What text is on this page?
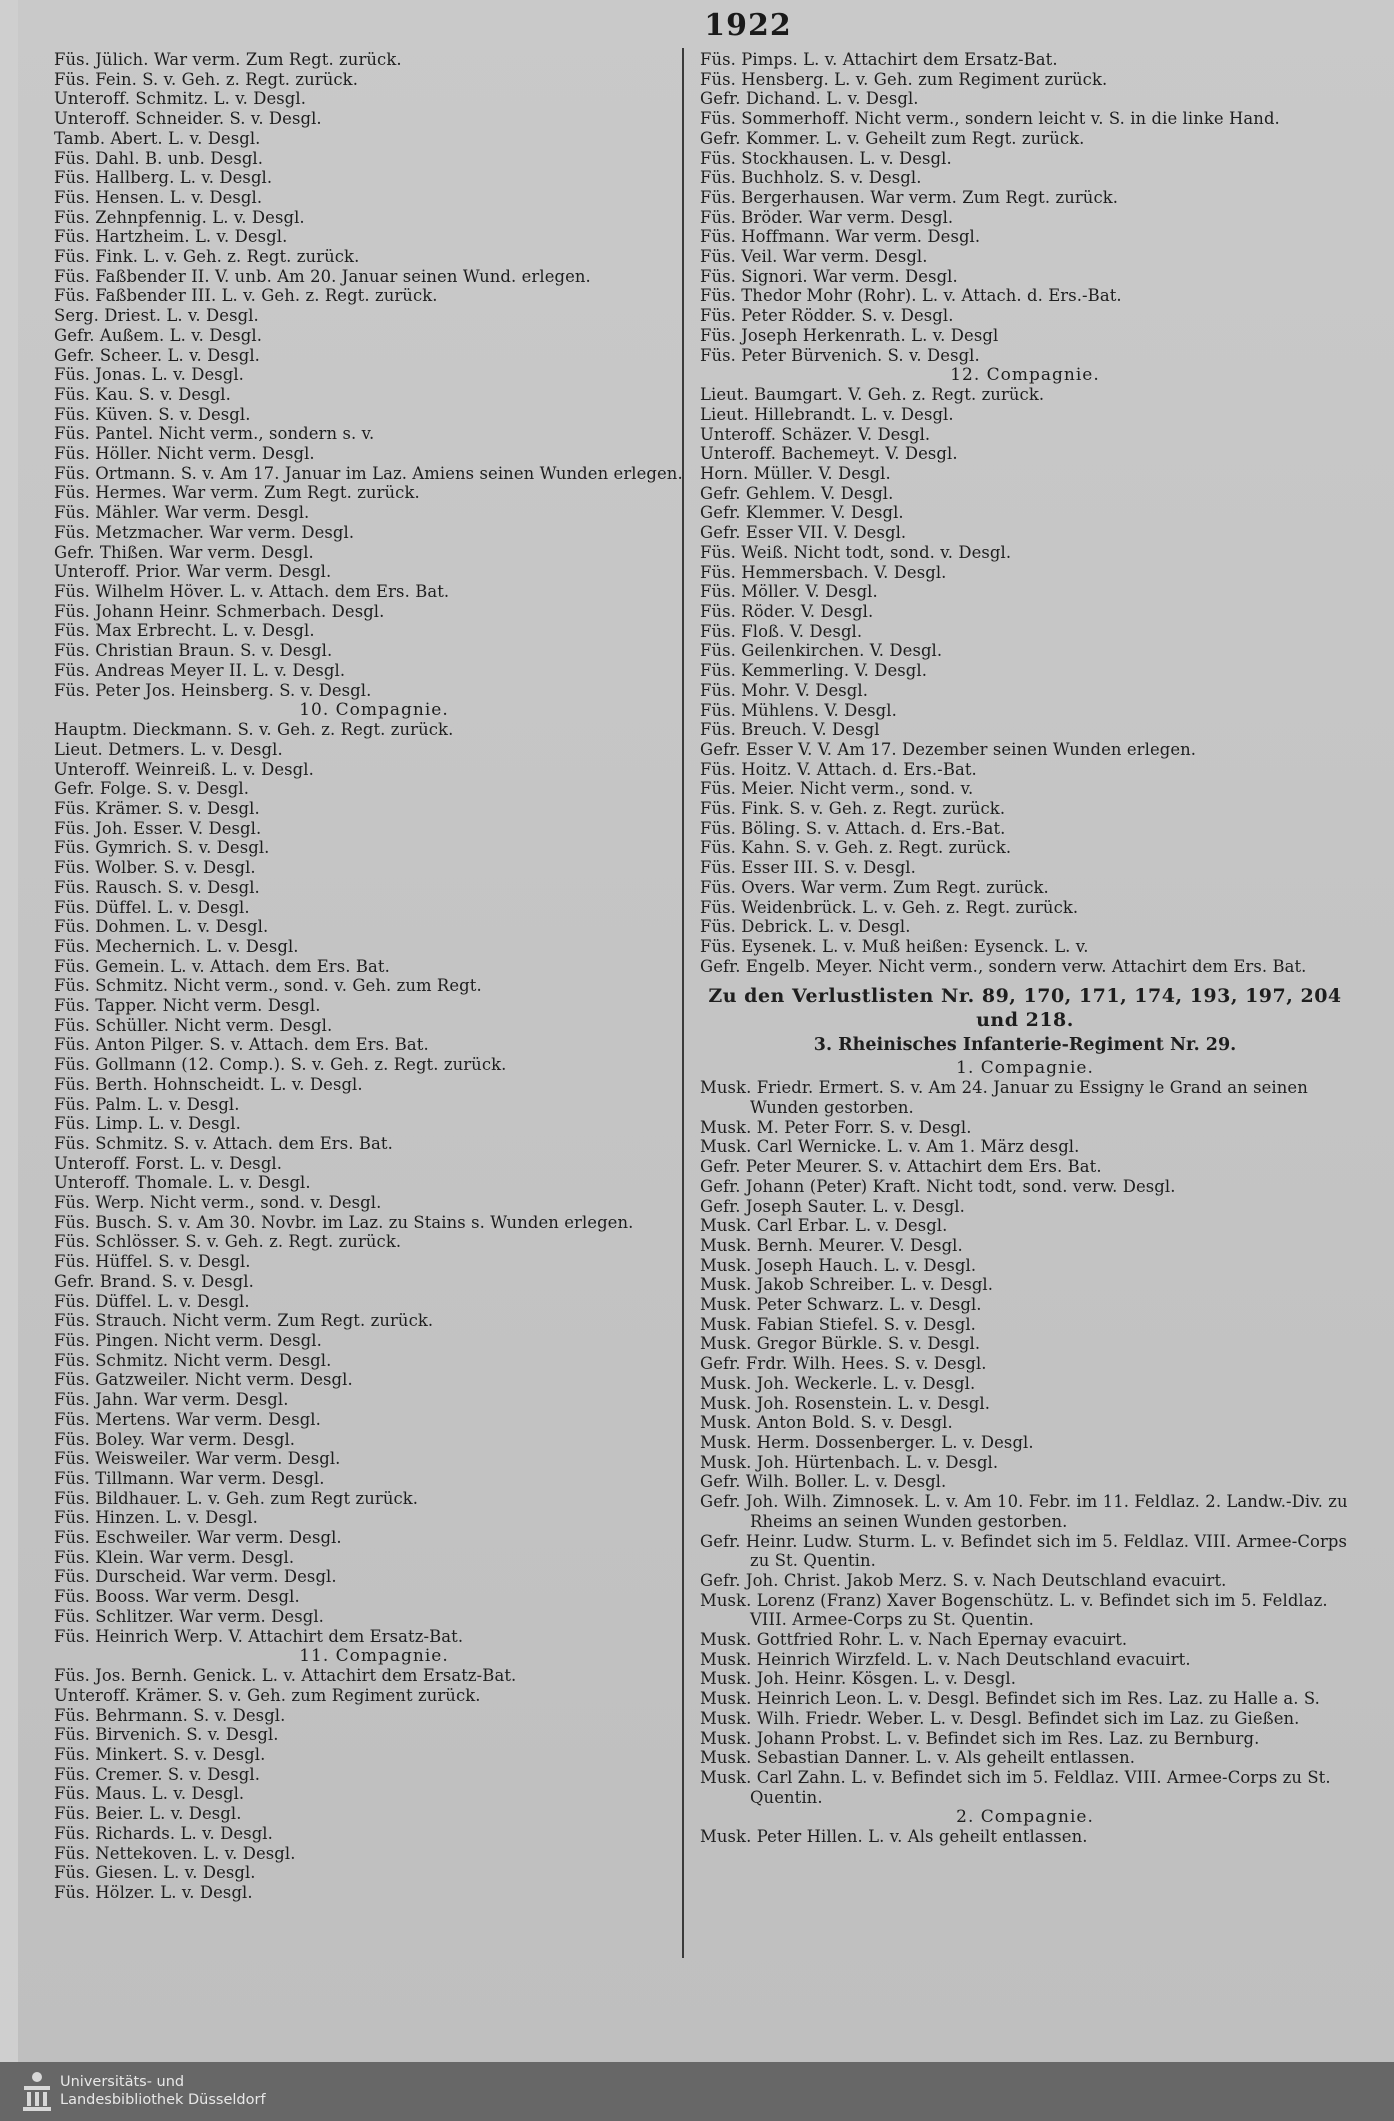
1922
Füs. Jülich. War verm. Zum Regt. zurück.
Füs. Fein. S. v. Geh. z. Regt. zurück.
Unteroff. Schmitz. L. v. Desgl.
Unteroff. Schneider. S. v. Desgl.
Tamb. Abert. L. v. Desgl.
Füs. Dahl. B. unb. Desgl.
Füs. Hallberg. L. v. Desgl.
Füs. Hensen. L. v. Desgl.
Füs. Zehnpfennig. L. v. Desgl.
Füs. Hartzheim. L. v. Desgl.
Füs. Fink. L. v. Geh. z. Regt. zurück.
Füs. Faßbender II. V. unb. Am 20. Januar seinen Wund. erlegen.
Füs. Faßbender III. L. v. Geh. z. Regt. zurück.
Serg. Driest. L. v. Desgl.
Gefr. Außem. L. v. Desgl.
Gefr. Scheer. L. v. Desgl.
Füs. Jonas. L. v. Desgl.
Füs. Kau. S. v. Desgl.
Füs. Küven. S. v. Desgl.
Füs. Pantel. Nicht verm., sondern s. v.
Füs. Höller. Nicht verm. Desgl.
Füs. Ortmann. S. v. Am 17. Januar im Laz. Amiens seinen Wunden erlegen.
Füs. Hermes. War verm. Zum Regt. zurück.
Füs. Mähler. War verm. Desgl.
Füs. Metzmacher. War verm. Desgl.
Gefr. Thißen. War verm. Desgl.
Unteroff. Prior. War verm. Desgl.
Füs. Wilhelm Höver. L. v. Attach. dem Ers. Bat.
Füs. Johann Heinr. Schmerbach. Desgl.
Füs. Max Erbrecht. L. v. Desgl.
Füs. Christian Braun. S. v. Desgl.
Füs. Andreas Meyer II. L. v. Desgl.
Füs. Peter Jos. Heinsberg. S. v. Desgl.
10. Compagnie.
Hauptm. Dieckmann. S. v. Geh. z. Regt. zurück.
Lieut. Detmers. L. v. Desgl.
Unteroff. Weinreiß. L. v. Desgl.
Gefr. Folge. S. v. Desgl.
Füs. Krämer. S. v. Desgl.
Füs. Joh. Esser. V. Desgl.
Füs. Gymrich. S. v. Desgl.
Füs. Wolber. S. v. Desgl.
Füs. Rausch. S. v. Desgl.
Füs. Düffel. L. v. Desgl.
Füs. Dohmen. L. v. Desgl.
Füs. Mechernich. L. v. Desgl.
Füs. Gemein. L. v. Attach. dem Ers. Bat.
Füs. Schmitz. Nicht verm., sond. v. Geh. zum Regt.
Füs. Tapper. Nicht verm. Desgl.
Füs. Schüller. Nicht verm. Desgl.
Füs. Anton Pilger. S. v. Attach. dem Ers. Bat.
Füs. Gollmann (12. Comp.). S. v. Geh. z. Regt. zurück.
Füs. Berth. Hohnscheidt. L. v. Desgl.
Füs. Palm. L. v. Desgl.
Füs. Limp. L. v. Desgl.
Füs. Schmitz. S. v. Attach. dem Ers. Bat.
Unteroff. Forst. L. v. Desgl.
Unteroff. Thomale. L. v. Desgl.
Füs. Werp. Nicht verm., sond. v. Desgl.
Füs. Busch. S. v. Am 30. Novbr. im Laz. zu Stains s. Wunden erlegen.
Füs. Schlösser. S. v. Geh. z. Regt. zurück.
Füs. Hüffel. S. v. Desgl.
Gefr. Brand. S. v. Desgl.
Füs. Düffel. L. v. Desgl.
Füs. Strauch. Nicht verm. Zum Regt. zurück.
Füs. Pingen. Nicht verm. Desgl.
Füs. Schmitz. Nicht verm. Desgl.
Füs. Gatzweiler. Nicht verm. Desgl.
Füs. Jahn. War verm. Desgl.
Füs. Mertens. War verm. Desgl.
Füs. Boley. War verm. Desgl.
Füs. Weisweiler. War verm. Desgl.
Füs. Tillmann. War verm. Desgl.
Füs. Bildhauer. L. v. Geh. zum Regt zurück.
Füs. Hinzen. L. v. Desgl.
Füs. Eschweiler. War verm. Desgl.
Füs. Klein. War verm. Desgl.
Füs. Durscheid. War verm. Desgl.
Füs. Booss. War verm. Desgl.
Füs. Schlitzer. War verm. Desgl.
Füs. Heinrich Werp. V. Attachirt dem Ersatz-Bat.
11. Compagnie.
Füs. Jos. Bernh. Genick. L. v. Attachirt dem Ersatz-Bat.
Unteroff. Krämer. S. v. Geh. zum Regiment zurück.
Füs. Behrmann. S. v. Desgl.
Füs. Birvenich. S. v. Desgl.
Füs. Minkert. S. v. Desgl.
Füs. Cremer. S. v. Desgl.
Füs. Maus. L. v. Desgl.
Füs. Beier. L. v. Desgl.
Füs. Richards. L. v. Desgl.
Füs. Nettekoven. L. v. Desgl.
Füs. Giesen. L. v. Desgl.
Füs. Hölzer. L. v. Desgl.
Füs. Pimps. L. v. Attachirt dem Ersatz-Bat.
Füs. Hensberg. L. v. Geh. zum Regiment zurück.
Gefr. Dichand. L. v. Desgl.
Füs. Sommerhoff. Nicht verm., sondern leicht v. S. in die linke Hand.
Gefr. Kommer. L. v. Geheilt zum Regt. zurück.
Füs. Stockhausen. L. v. Desgl.
Füs. Buchholz. S. v. Desgl.
Füs. Bergerhausen. War verm. Zum Regt. zurück.
Füs. Bröder. War verm. Desgl.
Füs. Hoffmann. War verm. Desgl.
Füs. Veil. War verm. Desgl.
Füs. Signori. War verm. Desgl.
Füs. Thedor Mohr (Rohr). L. v. Attach. d. Ers.-Bat.
Füs. Peter Rödder. S. v. Desgl.
Füs. Joseph Herkenrath. L. v. Desgl
Füs. Peter Bürvenich. S. v. Desgl.
12. Compagnie.
Lieut. Baumgart. V. Geh. z. Regt. zurück.
Lieut. Hillebrandt. L. v. Desgl.
Unteroff. Schäzer. V. Desgl.
Unteroff. Bachemeyt. V. Desgl.
Horn. Müller. V. Desgl.
Gefr. Gehlem. V. Desgl.
Gefr. Klemmer. V. Desgl.
Gefr. Esser VII. V. Desgl.
Füs. Weiß. Nicht todt, sond. v. Desgl.
Füs. Hemmersbach. V. Desgl.
Füs. Möller. V. Desgl.
Füs. Röder. V. Desgl.
Füs. Floß. V. Desgl.
Füs. Geilenkirchen. V. Desgl.
Füs. Kemmerling. V. Desgl.
Füs. Mohr. V. Desgl.
Füs. Mühlens. V. Desgl.
Füs. Breuch. V. Desgl
Gefr. Esser V. V. Am 17. Dezember seinen Wunden erlegen.
Füs. Hoitz. V. Attach. d. Ers.-Bat.
Füs. Meier. Nicht verm., sond. v.
Füs. Fink. S. v. Geh. z. Regt. zurück.
Füs. Böling. S. v. Attach. d. Ers.-Bat.
Füs. Kahn. S. v. Geh. z. Regt. zurück.
Füs. Esser III. S. v. Desgl.
Füs. Overs. War verm. Zum Regt. zurück.
Füs. Weidenbrück. L. v. Geh. z. Regt. zurück.
Füs. Debrick. L. v. Desgl.
Füs. Eysenek. L. v. Muß heißen: Eysenck. L. v.
Gefr. Engelb. Meyer. Nicht verm., sondern verw. Attachirt dem Ers. Bat.
Zu den Verlustlisten Nr. 89, 170, 171, 174, 193, 197, 204 und 218.
3. Rheinisches Infanterie-Regiment Nr. 29.
1. Compagnie.
Musk. Friedr. Ermert. S. v. Am 24. Januar zu Essigny le Grand an seinen Wunden gestorben.
Musk. M. Peter Forr. S. v. Desgl.
Musk. Carl Wernicke. L. v. Am 1. März desgl.
Gefr. Peter Meurer. S. v. Attachirt dem Ers. Bat.
Gefr. Johann (Peter) Kraft. Nicht todt, sond. verw. Desgl.
Gefr. Joseph Sauter. L. v. Desgl.
Musk. Carl Erbar. L. v. Desgl.
Musk. Bernh. Meurer. V. Desgl.
Musk. Joseph Hauch. L. v. Desgl.
Musk. Jakob Schreiber. L. v. Desgl.
Musk. Peter Schwarz. L. v. Desgl.
Musk. Fabian Stiefel. S. v. Desgl.
Musk. Gregor Bürkle. S. v. Desgl.
Gefr. Frdr. Wilh. Hees. S. v. Desgl.
Musk. Joh. Weckerle. L. v. Desgl.
Musk. Joh. Rosenstein. L. v. Desgl.
Musk. Anton Bold. S. v. Desgl.
Musk. Herm. Dossenberger. L. v. Desgl.
Musk. Joh. Hürtenbach. L. v. Desgl.
Gefr. Wilh. Boller. L. v. Desgl.
Gefr. Joh. Wilh. Zimnosek. L. v. Am 10. Febr. im 11. Feldlaz. 2. Landw.-Div. zu Rheims an seinen Wunden gestorben.
Gefr. Heinr. Ludw. Sturm. L. v. Befindet sich im 5. Feldlaz. VIII. Armee-Corps zu St. Quentin.
Gefr. Joh. Christ. Jakob Merz. S. v. Nach Deutschland evacuirt.
Musk. Lorenz (Franz) Xaver Bogenschütz. L. v. Befindet sich im 5. Feldlaz. VIII. Armee-Corps zu St. Quentin.
Musk. Gottfried Rohr. L. v. Nach Epernay evacuirt.
Musk. Heinrich Wirzfeld. L. v. Nach Deutschland evacuirt.
Musk. Joh. Heinr. Kösgen. L. v. Desgl.
Musk. Heinrich Leon. L. v. Desgl. Befindet sich im Res. Laz. zu Halle a. S.
Musk. Wilh. Friedr. Weber. L. v. Desgl. Befindet sich im Laz. zu Gießen.
Musk. Johann Probst. L. v. Befindet sich im Res. Laz. zu Bernburg.
Musk. Sebastian Danner. L. v. Als geheilt entlassen.
Musk. Carl Zahn. L. v. Befindet sich im 5. Feldlaz. VIII. Armee-Corps zu St. Quentin.
2. Compagnie.
Musk. Peter Hillen. L. v. Als geheilt entlassen.
Universitäts- und
Landesbibliothek Düsseldorf
